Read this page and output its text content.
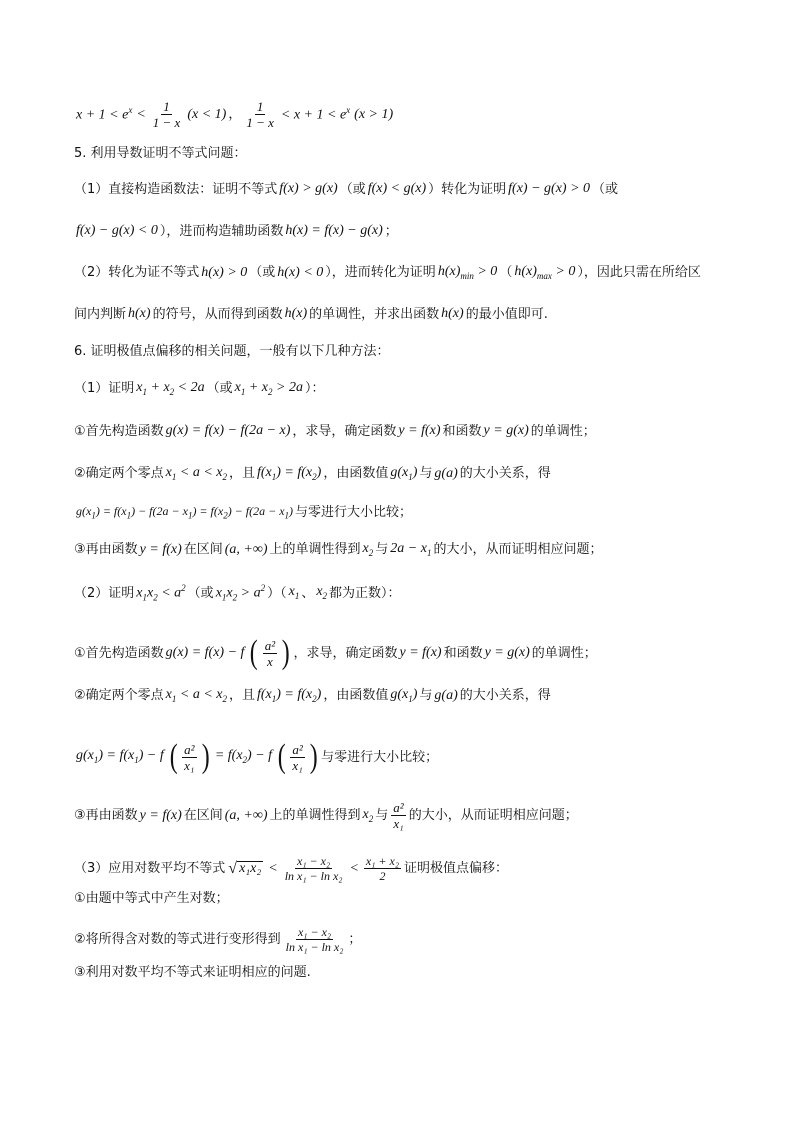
$x + 1 < e^x < \frac{1}{1 - x} (x < 1)$ ， $\frac{1}{1 - x} < x + 1 < e^x$ (x > 1)
5. 利用导数证明不等式问题：
（1）直接构造函数法：证明不等式 f(x) > g(x) （或 f(x) < g(x) ）转化为证明 f(x) − g(x) > 0 （或
f(x) − g(x) < 0 ），进而构造辅助函数 h(x) = f(x) − g(x) ；
（2）转化为证不等式 h(x) > 0 （或 h(x) < 0 ），进而转化为证明 $h(x)_{min} > 0$ （ $h(x)_{max} > 0$ ），因此只需在所给区
间内判断 h(x) 的符号，从而得到函数 h(x) 的单调性，并求出函数 h(x) 的最小值即可.
6. 证明极值点偏移的相关问题，一般有以下几种方法：
（1）证明 $x_1 + x_2 < 2a$ （或 $x_1 + x_2 > 2a$ ）：
①首先构造函数 g(x) = f(x) − f(2a − x) ，求导，确定函数 y = f(x) 和函数 y = g(x) 的单调性；
②确定两个零点 $x_1 < a < x_2$ ，且 $f(x_1) = f(x_2)$ ，由函数值 $g(x_1)$ 与 g(a) 的大小关系，得
$g(x_1) = f(x_1) - f(2a - x_1) = f(x_2) - f(2a - x_1)$ 与零进行大小比较；
③再由函数 y = f(x) 在区间 (a, +∞) 上的单调性得到 $x_2$ 与 $2a - x_1$ 的大小，从而证明相应问题；
（2）证明 $x_1x_2 < a^2$ （或 $x_1x_2 > a^2$ ）（ $x_1$ 、 $x_2$ 都为正数）：
①首先构造函数 g(x) = f(x) − f ( $\frac{\text{a²}}{x}$ ) ，求导，确定函数 y = f(x) 和函数 y = g(x) 的单调性；
②确定两个零点 $x_1 < a < x_2$ ，且 $f(x_1) = f(x_2)$ ，由函数值 $g(x_1)$ 与 g(a) 的大小关系，得
$g(x_1) = f(x_1) - f$ ( $\frac{\text{a²}}{\text{x₁}}$ ) = $f(x_2) - f$ ( $\frac{\text{a²}}{\text{x₁}}$ ) 与零进行大小比较；
③再由函数 y = f(x) 在区间 (a, +∞) 上的单调性得到 $x_2$ 与 $\frac{\text{a²}}{\text{x₁}}$ 的大小，从而证明相应问题；
（3）应用对数平均不等式 √ $x_1x_2 < \frac{\text{x₁ − x₂}}{\text{ln x₁ − ln x₂}} < \frac{\text{x₁ + x₂}}{2}$ 证明极值点偏移：
①由题中等式中产生对数；
②将所得含对数的等式进行变形得到 $\frac{\text{x₁ − x₂}}{\text{ln x₁ − ln x₂}}$ ；
③利用对数平均不等式来证明相应的问题.
